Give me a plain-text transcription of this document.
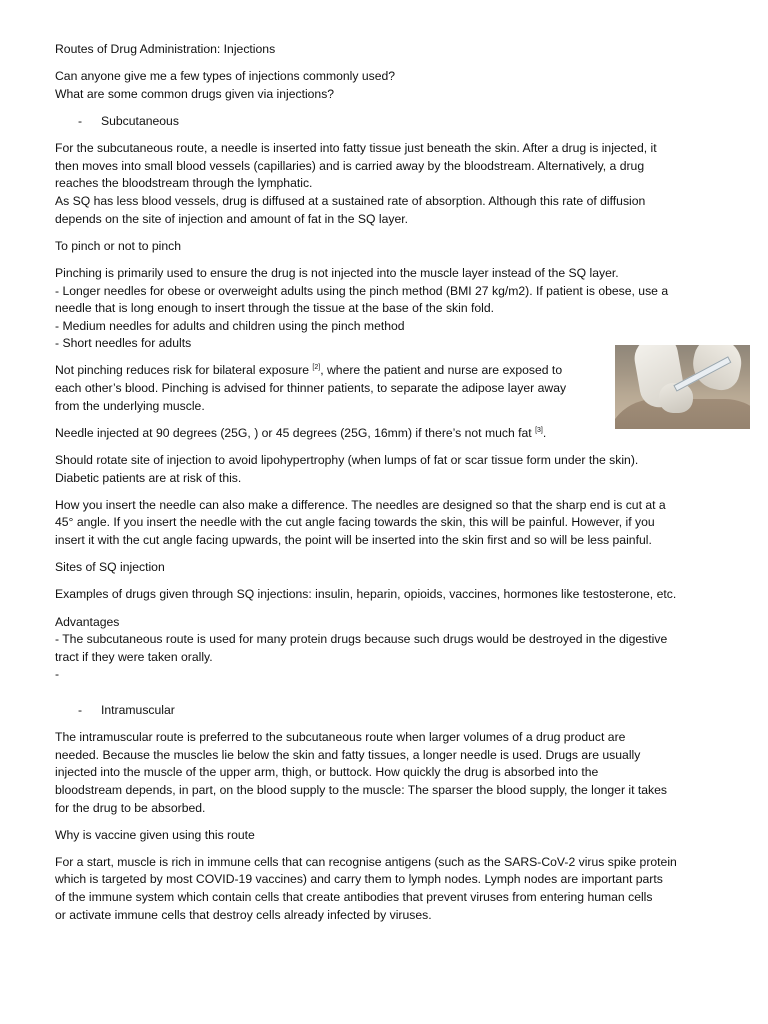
Routes of Drug Administration: Injections

Can anyone give me a few types of injections commonly used?
What are some common drugs given via injections?
- Subcutaneous
For the subcutaneous route, a needle is inserted into fatty tissue just beneath the skin. After a drug is injected, it
then moves into small blood vessels (capillaries) and is carried away by the bloodstream. Alternatively, a drug
reaches the bloodstream through the lymphatic.
As SQ has less blood vessels, drug is diffused at a sustained rate of absorption. Although this rate of diffusion
depends on the site of injection and amount of fat in the SQ layer.

To pinch or not to pinch

Pinching is primarily used to ensure the drug is not injected into the muscle layer instead of the SQ layer.
- Longer needles for obese or overweight adults using the pinch method (BMI 27 kg/m2). If patient is obese, use a
needle that is long enough to insert through the tissue at the base of the skin fold.
- Medium needles for adults and children using the pinch method
- Short needles for adults
Not pinching reduces risk for bilateral exposure [2], where the patient and nurse are exposed to
each other’s blood. Pinching is advised for thinner patients, to separate the adipose layer away
from the underlying muscle.

Needle injected at 90 degrees (25G, ) or 45 degrees (25G, 16mm) if there’s not much fat [3].

Should rotate site of injection to avoid lipohypertrophy (when lumps of fat or scar tissue form under the skin).
Diabetic patients are at risk of this.
How you insert the needle can also make a difference. The needles are designed so that the sharp end is cut at a
45° angle. If you insert the needle with the cut angle facing towards the skin, this will be painful. However, if you
insert it with the cut angle facing upwards, the point will be inserted into the skin first and so will be less painful.

Sites of SQ injection

Examples of drugs given through SQ injections: insulin, heparin, opioids, vaccines, hormones like testosterone, etc.

Advantages
- The subcutaneous route is used for many protein drugs because such drugs would be destroyed in the digestive
tract if they were taken orally.
-
- Intramuscular
The intramuscular route is preferred to the subcutaneous route when larger volumes of a drug product are
needed. Because the muscles lie below the skin and fatty tissues, a longer needle is used. Drugs are usually
injected into the muscle of the upper arm, thigh, or buttock. How quickly the drug is absorbed into the
bloodstream depends, in part, on the blood supply to the muscle: The sparser the blood supply, the longer it takes
for the drug to be absorbed.

Why is vaccine given using this route

For a start, muscle is rich in immune cells that can recognise antigens (such as the SARS-CoV-2 virus spike protein
which is targeted by most COVID-19 vaccines) and carry them to lymph nodes. Lymph nodes are important parts
of the immune system which contain cells that create antibodies that prevent viruses from entering human cells
or activate immune cells that destroy cells already infected by viruses.
